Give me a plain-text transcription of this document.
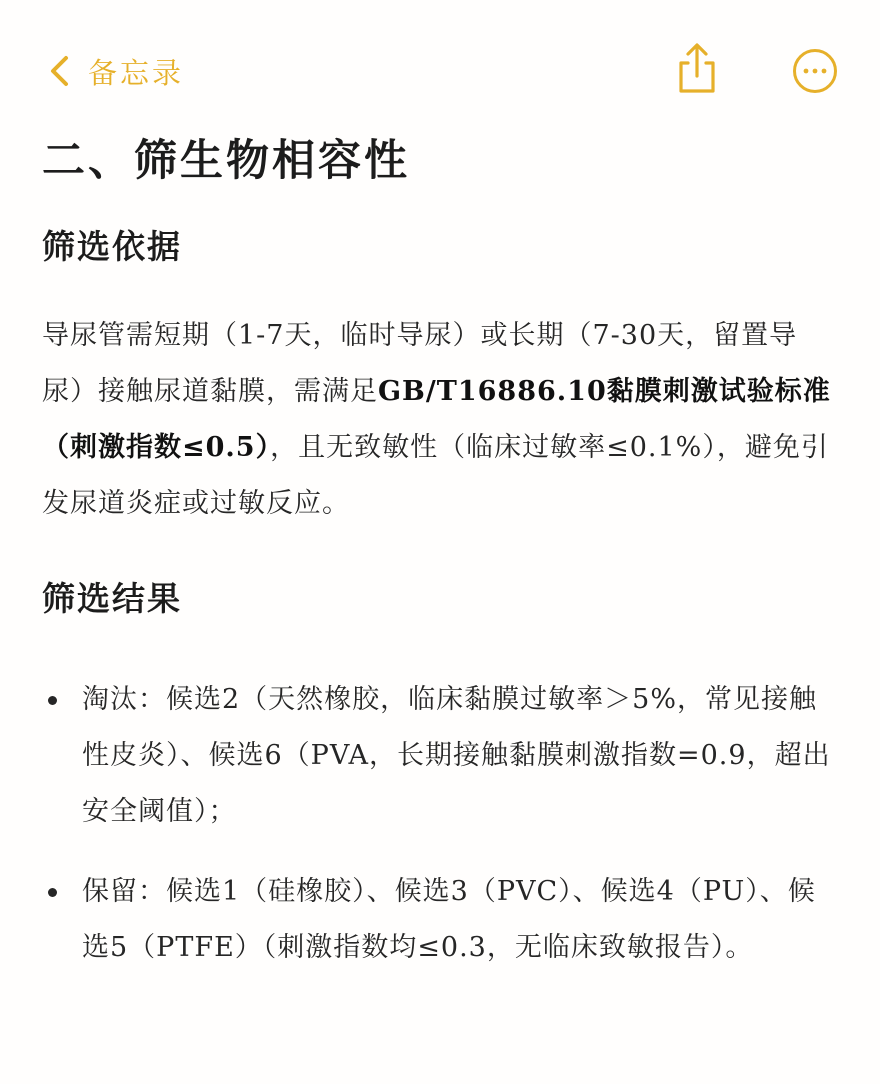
备忘录
二、筛生物相容性
筛选依据

导尿管需短期（1-7天，临时导尿）或长期（7-30天，留置导尿）接触尿道黏膜，需满足GB/T16886.10黏膜刺激试验标准（刺激指数≤0.5），且无致敏性（临床过敏率≤0.1%），避免引发尿道炎症或过敏反应。

筛选结果
淘汰：候选2（天然橡胶，临床黏膜过敏率＞5%，常见接触性皮炎）、候选6（PVA，长期接触黏膜刺激指数=0.9，超出安全阈值）；
保留：候选1（硅橡胶）、候选3（PVC）、候选4（PU）、候选5（PTFE）（刺激指数均≤0.3，无临床致敏报告）。
